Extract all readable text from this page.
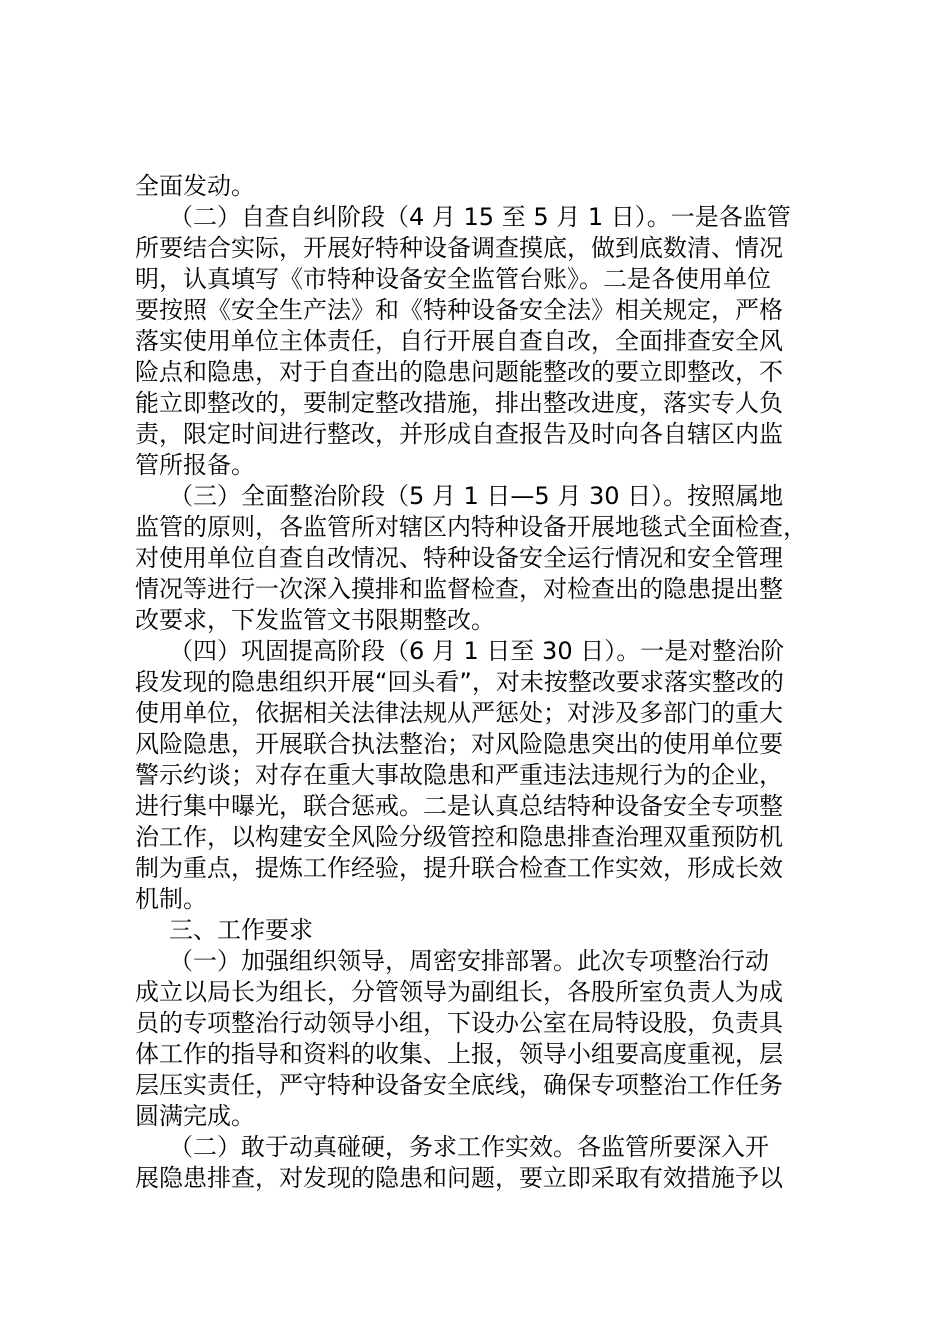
全面发动。
（二）自查自纠阶段（4 月 15 至 5 月 1 日）。一是各监管
所要结合实际，开展好特种设备调查摸底，做到底数清、情况
明，认真填写《市特种设备安全监管台账》。二是各使用单位
要按照《安全生产法》和《特种设备安全法》相关规定，严格
落实使用单位主体责任，自行开展自查自改，全面排查安全风
险点和隐患，对于自查出的隐患问题能整改的要立即整改，不
能立即整改的，要制定整改措施，排出整改进度，落实专人负
责，限定时间进行整改，并形成自查报告及时向各自辖区内监
管所报备。
（三）全面整治阶段（5 月 1 日—5 月 30 日）。按照属地
监管的原则，各监管所对辖区内特种设备开展地毯式全面检查，
对使用单位自查自改情况、特种设备安全运行情况和安全管理
情况等进行一次深入摸排和监督检查，对检查出的隐患提出整
改要求，下发监管文书限期整改。
（四）巩固提高阶段（6 月 1 日至 30 日）。一是对整治阶
段发现的隐患组织开展“回头看”，对未按整改要求落实整改的
使用单位，依据相关法律法规从严惩处；对涉及多部门的重大
风险隐患，开展联合执法整治；对风险隐患突出的使用单位要
警示约谈；对存在重大事故隐患和严重违法违规行为的企业，
进行集中曝光，联合惩戒。二是认真总结特种设备安全专项整
治工作，以构建安全风险分级管控和隐患排查治理双重预防机
制为重点，提炼工作经验，提升联合检查工作实效，形成长效
机制。
三、工作要求
（一）加强组织领导，周密安排部署。此次专项整治行动
成立以局长为组长，分管领导为副组长，各股所室负责人为成
员的专项整治行动领导小组，下设办公室在局特设股，负责具
体工作的指导和资料的收集、上报，领导小组要高度重视，层
层压实责任，严守特种设备安全底线，确保专项整治工作任务
圆满完成。
（二）敢于动真碰硬，务求工作实效。各监管所要深入开
展隐患排查，对发现的隐患和问题，要立即采取有效措施予以
